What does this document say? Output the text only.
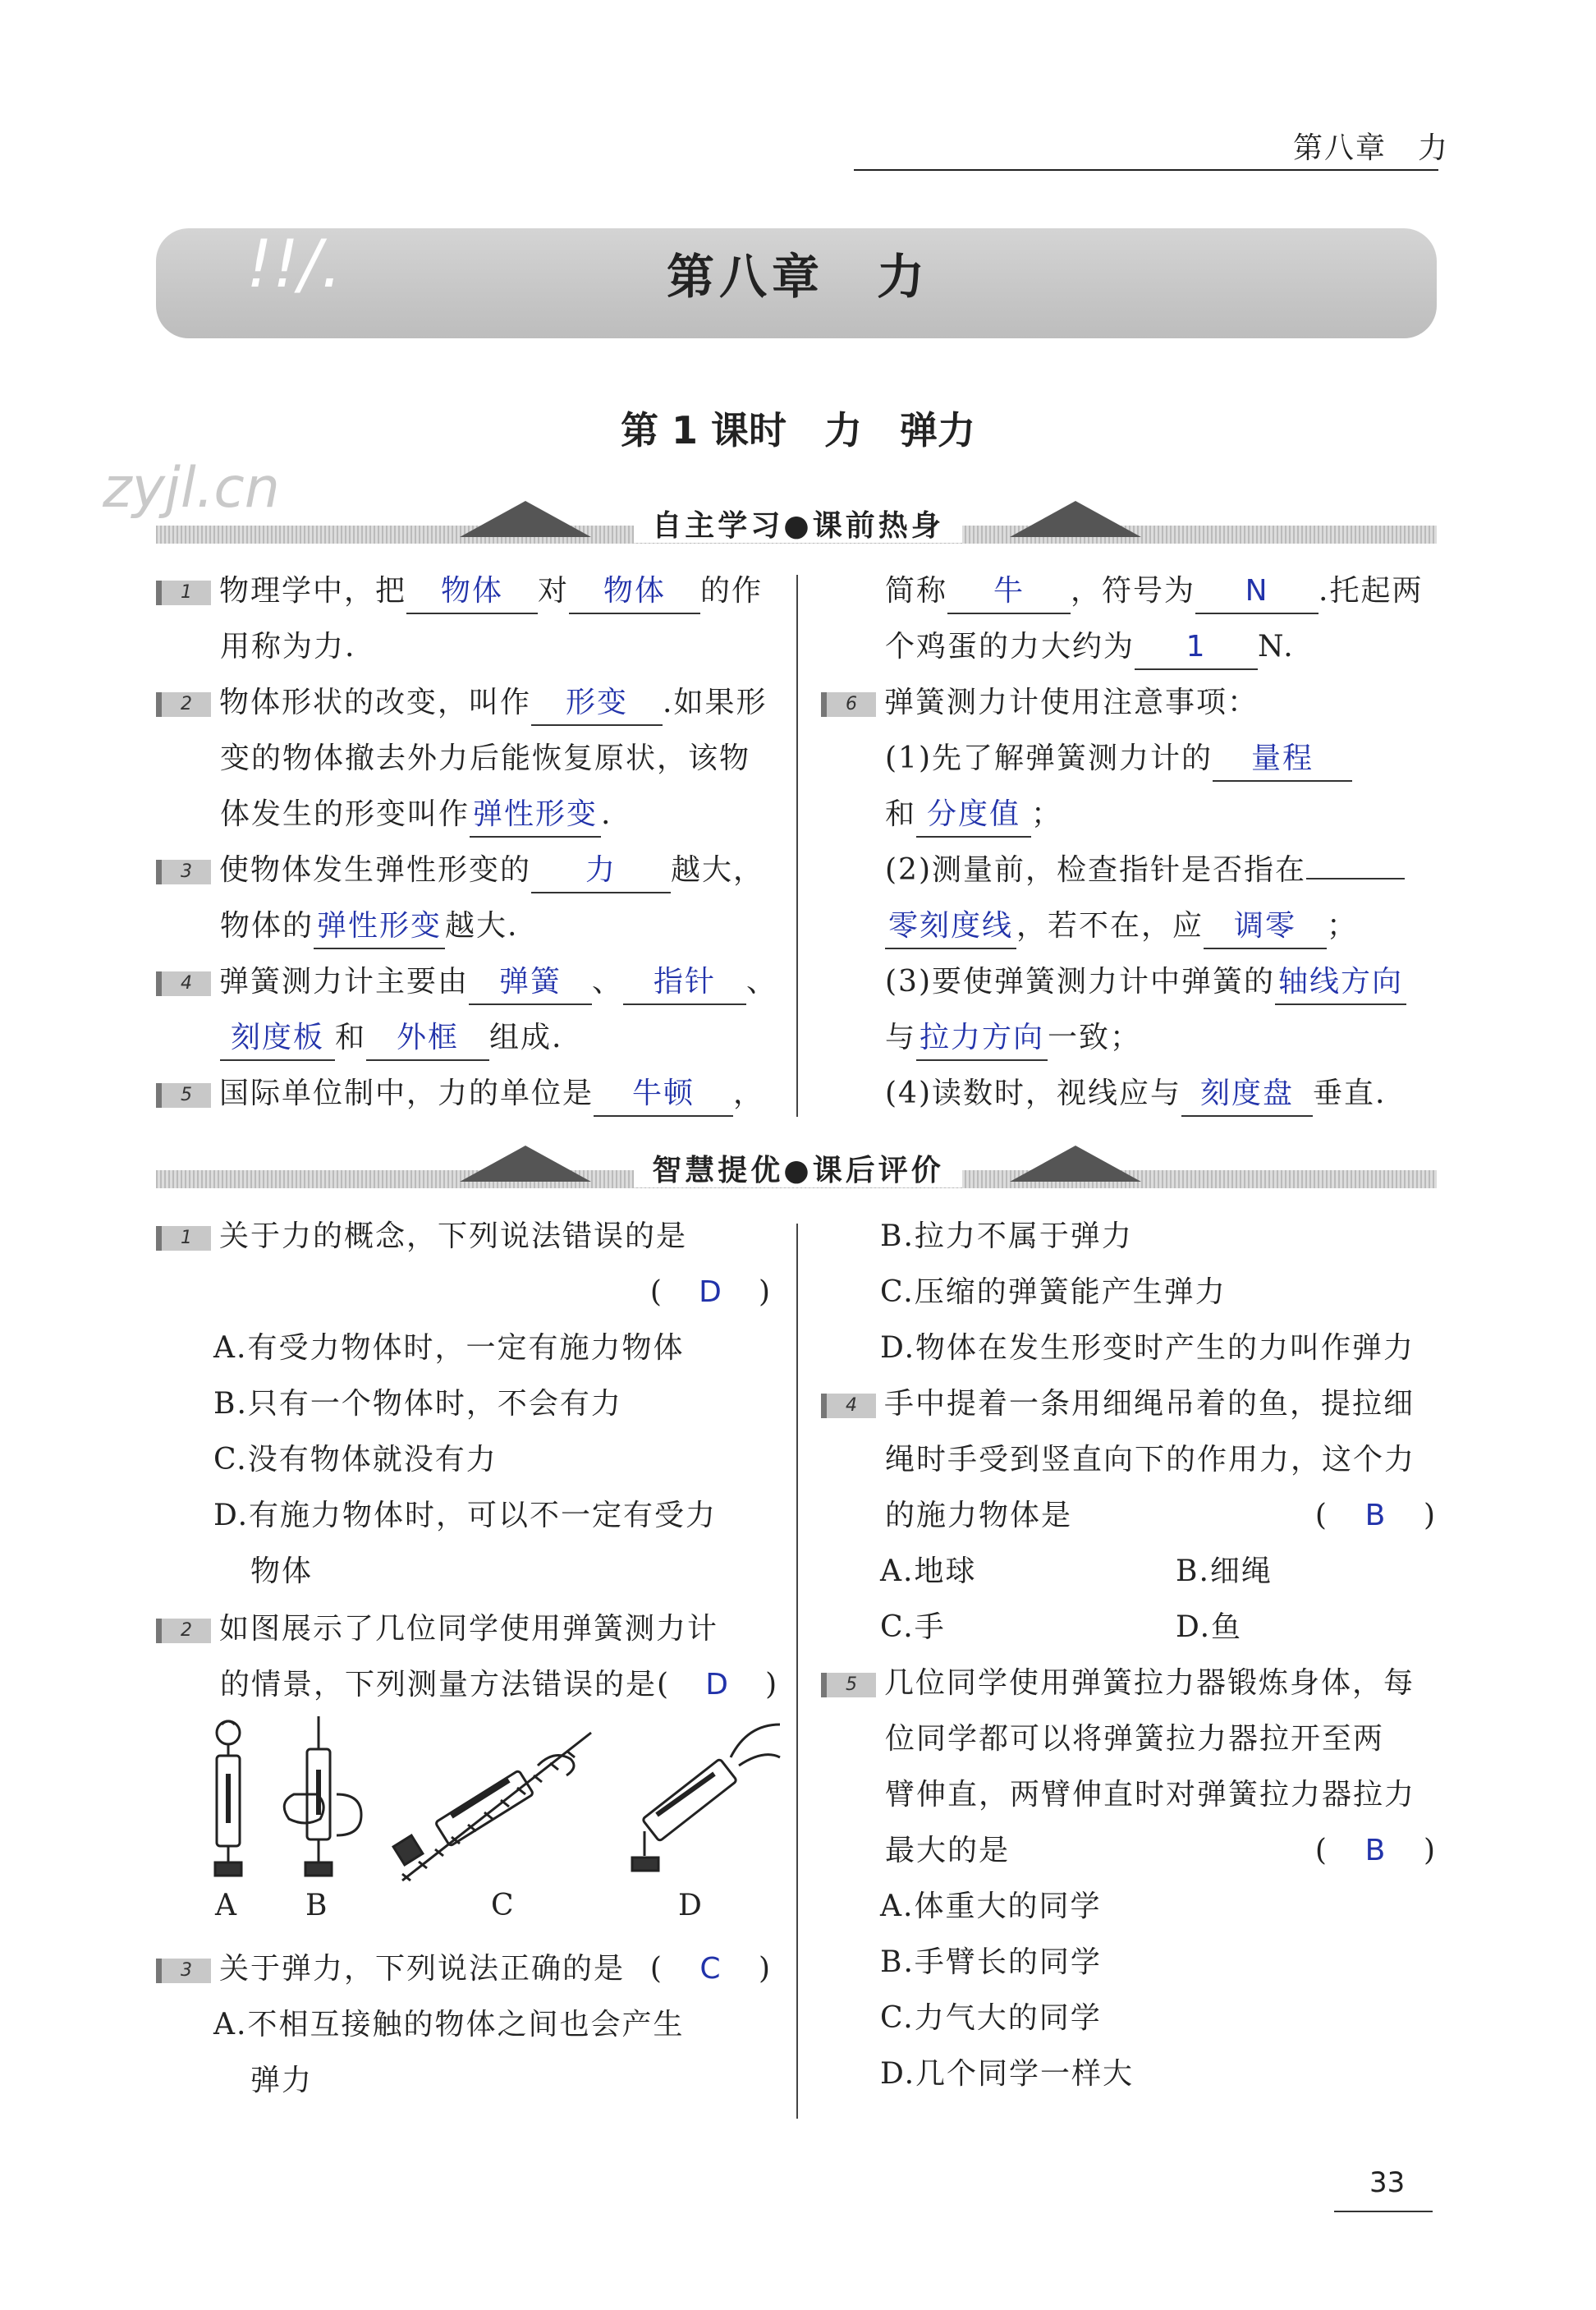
第八章　力
!!/.	第八章　力
zyjl.cn
第 1 课时　力　弹力
自主学习●课前热身
1 物理学中，把 物体 对 物体 的作
用称为力.
2 物体形状的改变，叫作 形变 .如果形
变的物体撤去外力后能恢复原状，该物
体发生的形变叫作 弹性形变 .
3 使物体发生弹性形变的 力 越大，
物体的 弹性形变 越大.
4 弹簧测力计主要由 弹簧 、 指针 、
刻度板 和 外框 组成.
5 国际单位制中，力的单位是 牛顿 ，
简称 牛 ，符号为 N .托起两
个鸡蛋的力大约为 1 N.
6 弹簧测力计使用注意事项：
(1)先了解弹簧测力计的 量程
和 分度值 ；
(2)测量前，检查指针是否指在
零刻度线 ，若不在，应 调零 ；
(3)要使弹簧测力计中弹簧的 轴线方向
与 拉力方向 一致；
(4)读数时，视线应与 刻度盘 垂直.
智慧提优●课后评价
1 关于力的概念，下列说法错误的是

(　D　)
A.有受力物体时，一定有施力物体
B.只有一个物体时，不会有力
C.没有物体就没有力
D.有施力物体时，可以不一定有受力
物体
2 如图展示了几位同学使用弹簧测力计
的情景，下列测量方法错误的是(　D　)
A B	C	D
3 关于弹力，下列说法正确的是 (　C　)

A.不相互接触的物体之间也会产生
弹力
B.拉力不属于弹力
C.压缩的弹簧能产生弹力
D.物体在发生形变时产生的力叫作弹力
4 手中提着一条用细绳吊着的鱼，提拉细
绳时手受到竖直向下的作用力，这个力
的施力物体是	(　B　)

A.地球	B.细绳
C.手	D.鱼
5 几位同学使用弹簧拉力器锻炼身体，每
位同学都可以将弹簧拉力器拉开至两
臂伸直，两臂伸直时对弹簧拉力器拉力
最大的是	(　B　)

A.体重大的同学
B.手臂长的同学
C.力气大的同学
D.几个同学一样大
33
